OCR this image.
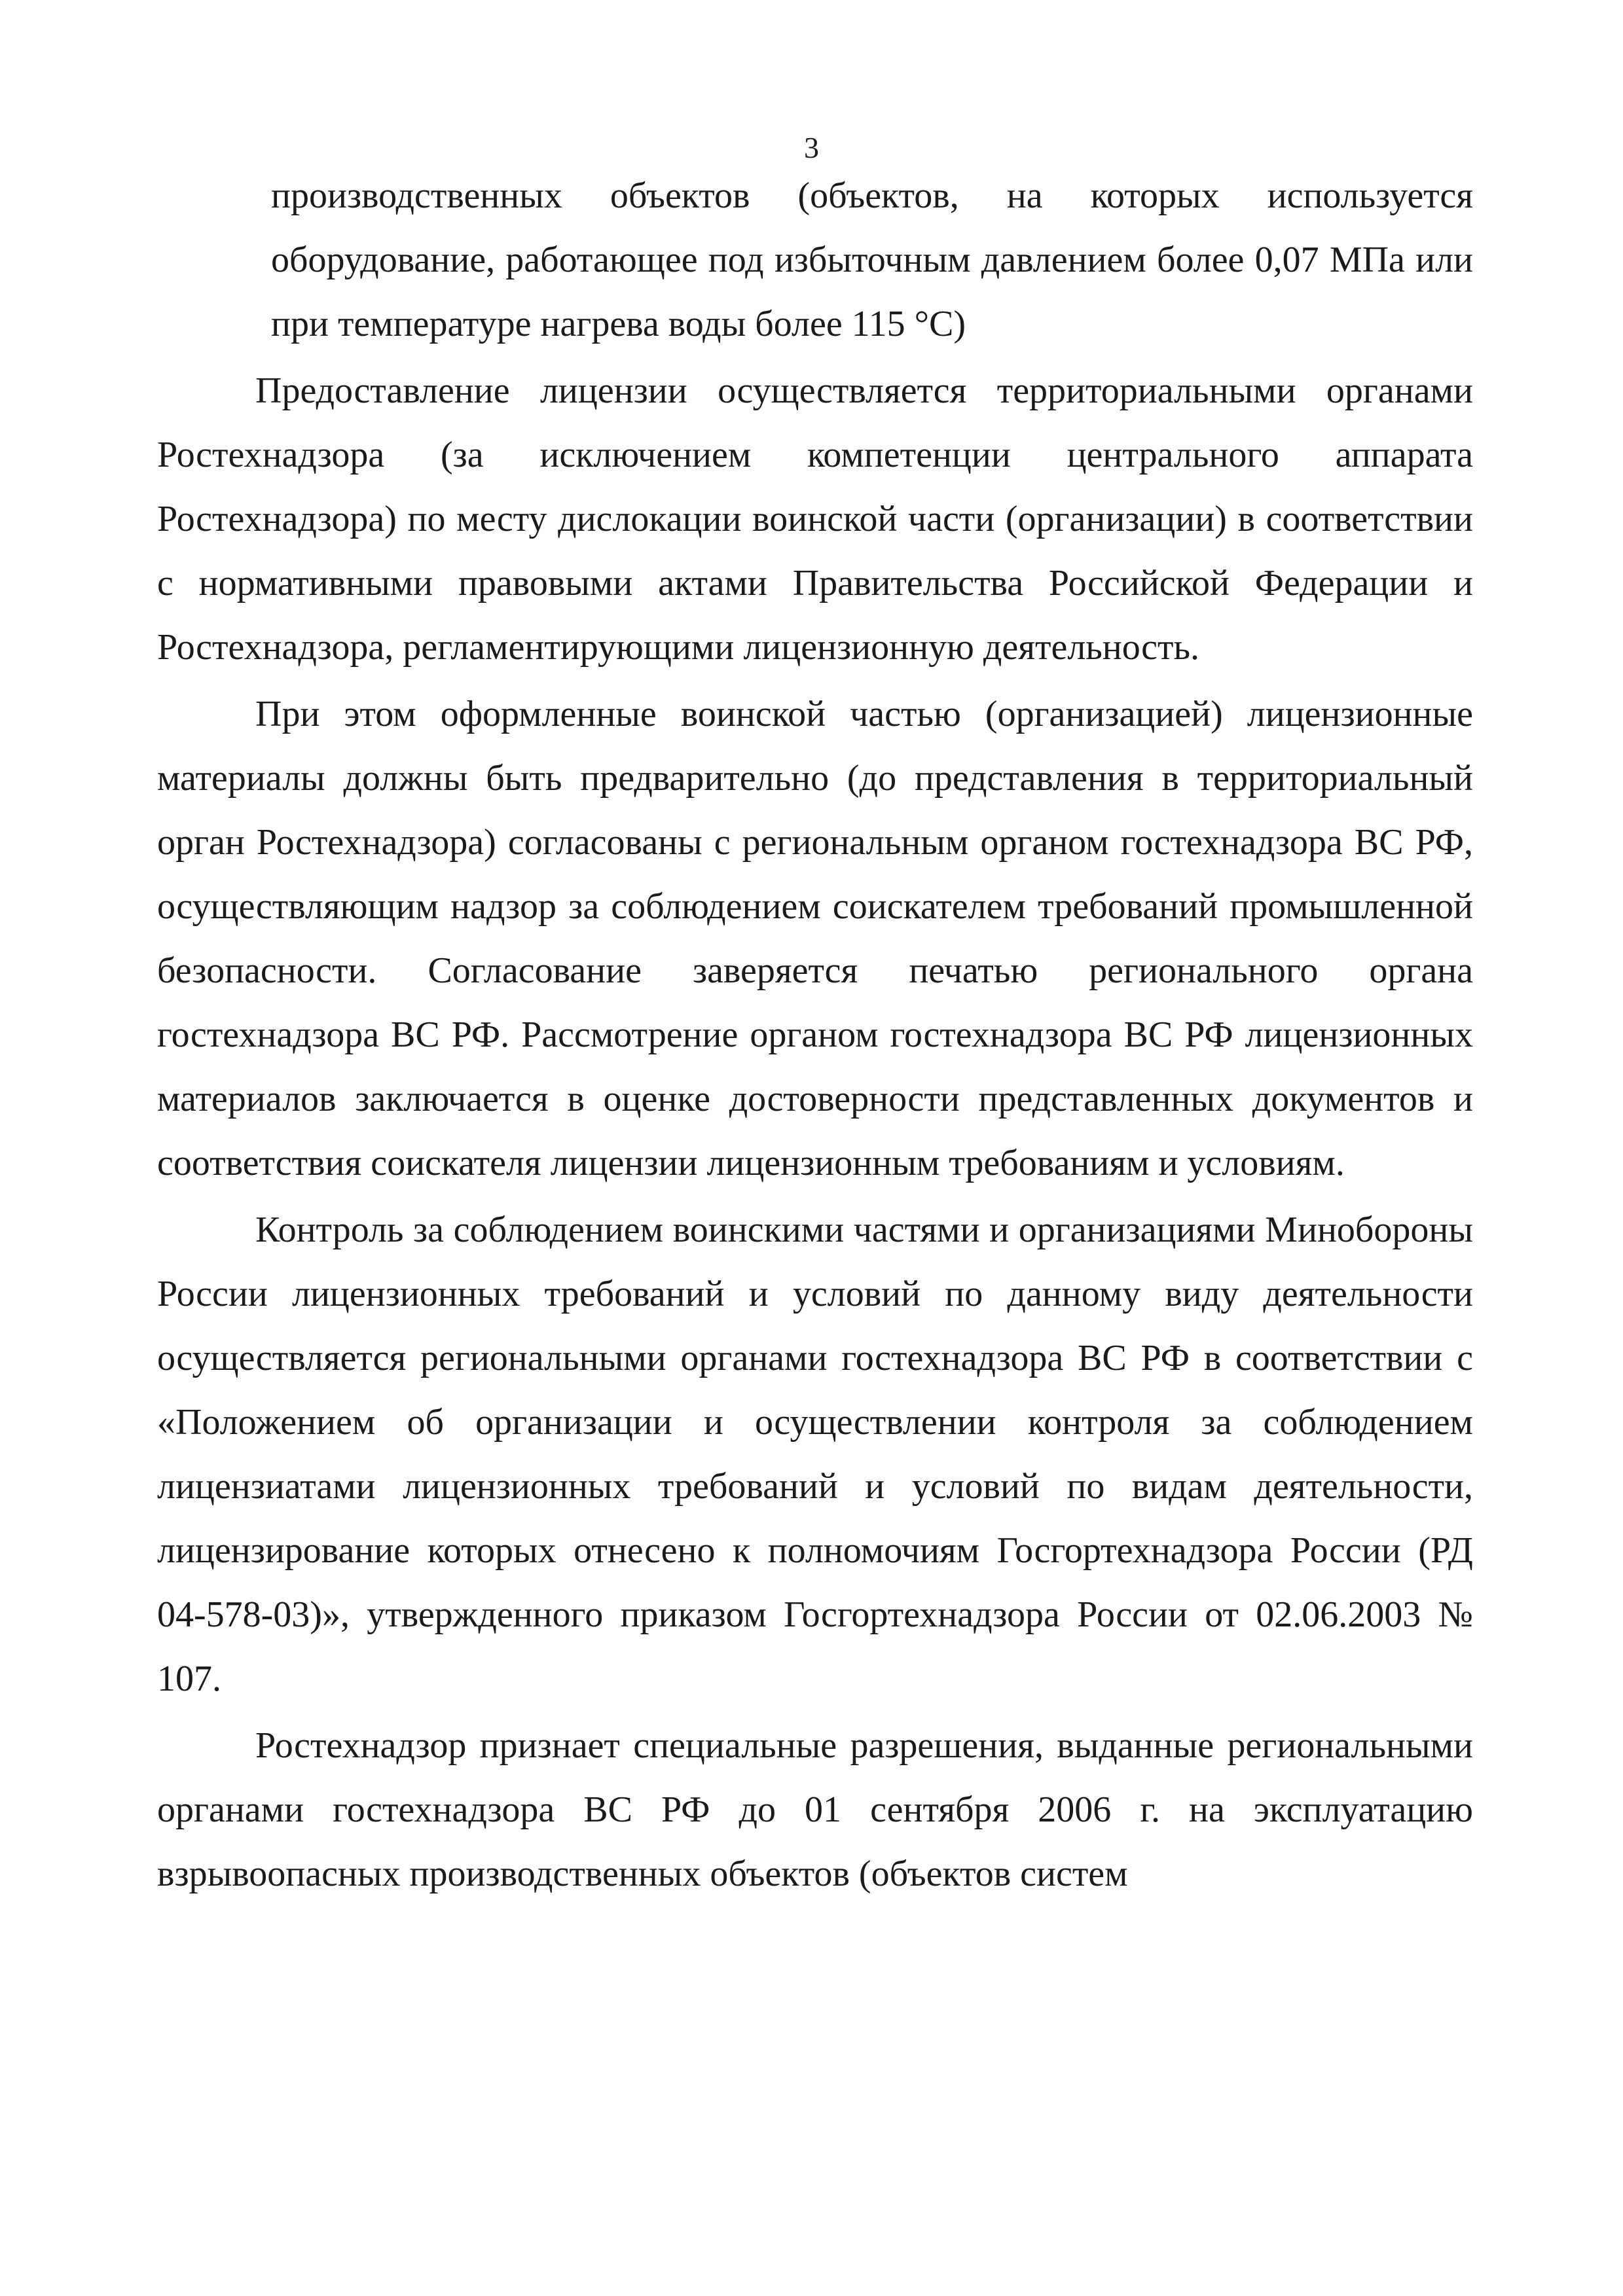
3

производственных объектов (объектов, на которых используется оборудование, работающее под избыточным давлением более 0,07 МПа или при температуре нагрева воды более 115 °С)

Предоставление лицензии осуществляется территориальными органами Ростехнадзора (за исключением компетенции центрального аппарата Ростехнадзора) по месту дислокации воинской части (организации) в соответствии с нормативными правовыми актами Правительства Российской Федерации и Ростехнадзора, регламентирующими лицензионную деятельность.

При этом оформленные воинской частью (организацией) лицензионные материалы должны быть предварительно (до представления в территориальный орган Ростехнадзора) согласованы с региональным органом гостехнадзора ВС РФ, осуществляющим надзор за соблюдением соискателем требований промышленной безопасности. Согласование заверяется печатью регионального органа гостехнадзора ВС РФ. Рассмотрение органом гостехнадзора ВС РФ лицензионных материалов заключается в оценке достоверности представленных документов и соответствия соискателя лицензии лицензионным требованиям и условиям.

Контроль за соблюдением воинскими частями и организациями Минобороны России лицензионных требований и условий по данному виду деятельности осуществляется региональными органами гостехнадзора ВС РФ в соответствии с «Положением об организации и осуществлении контроля за соблюдением лицензиатами лицензионных требований и условий по видам деятельности, лицензирование которых отнесено к полномочиям Госгортехнадзора России (РД 04-578-03)», утвержденного приказом Госгортехнадзора России от 02.06.2003 № 107.

Ростехнадзор признает специальные разрешения, выданные региональными органами гостехнадзора ВС РФ до 01 сентября 2006 г. на эксплуатацию взрывоопасных производственных объектов (объектов систем
